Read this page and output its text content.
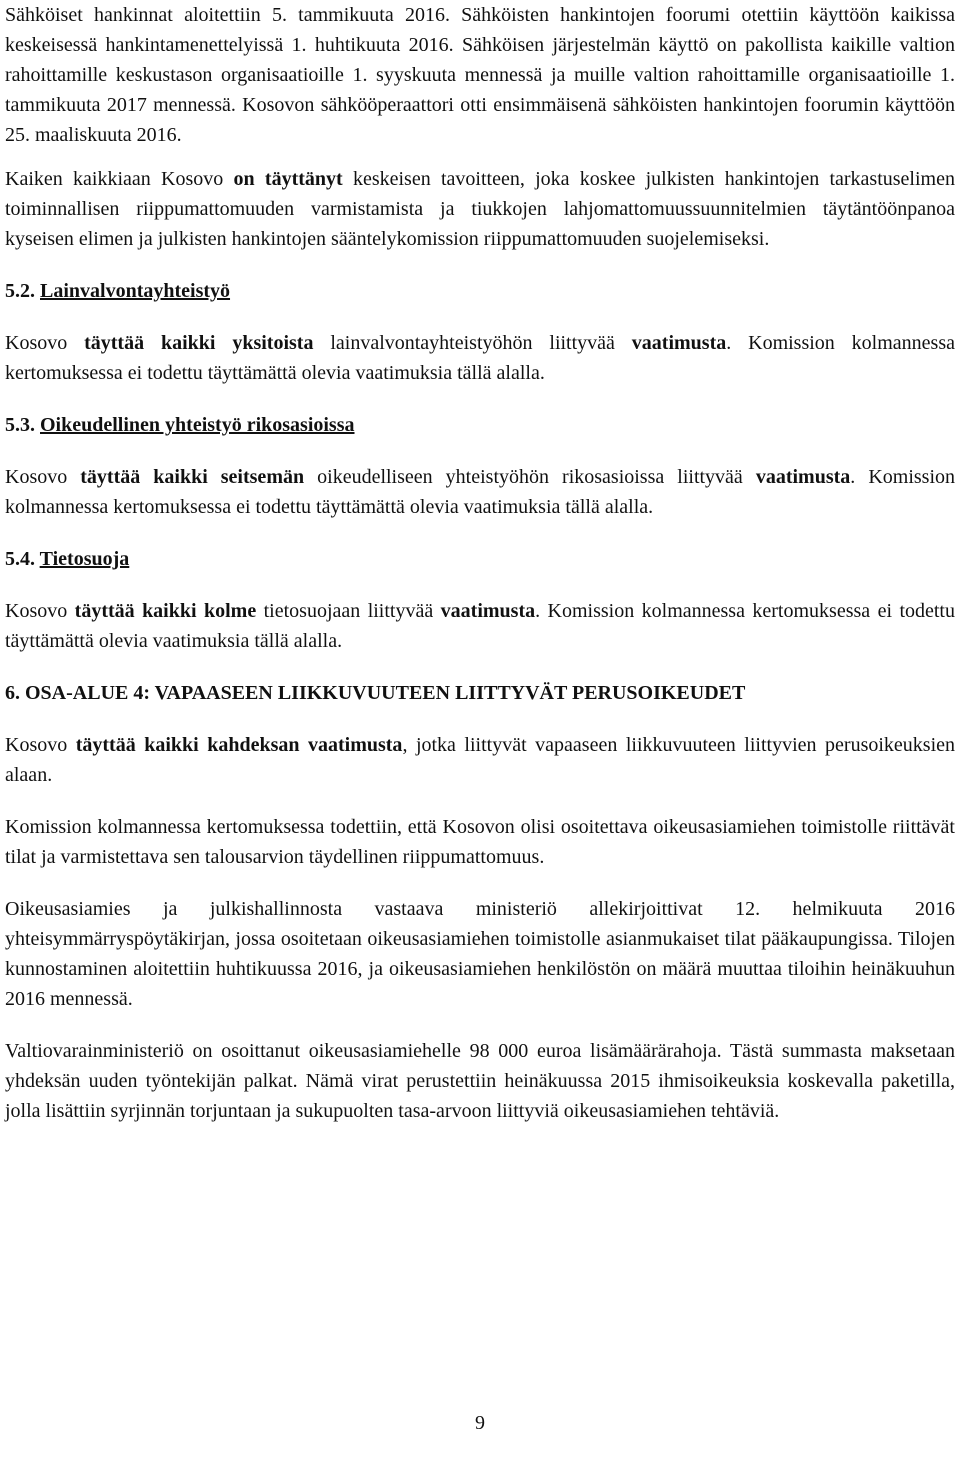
Sähköiset hankinnat aloitettiin 5. tammikuuta 2016. Sähköisten hankintojen foorumi otettiin käyttöön kaikissa keskeisessä hankintamenettelyissä 1. huhtikuuta 2016. Sähköisen järjestelmän käyttö on pakollista kaikille valtion rahoittamille keskustason organisaatioille 1. syyskuuta mennessä ja muille valtion rahoittamille organisaatioille 1. tammikuuta 2017 mennessä. Kosovon sähkööperaattori otti ensimmäisenä sähköisten hankintojen foorumin käyttöön 25. maaliskuuta 2016.

Kaiken kaikkiaan Kosovo on täyttänyt keskeisen tavoitteen, joka koskee julkisten hankintojen tarkastuselimen toiminnallisen riippumattomuuden varmistamista ja tiukkojen lahjomattomuussuunnitelmien täytäntöönpanoa kyseisen elimen ja julkisten hankintojen sääntelykomission riippumattomuuden suojelemiseksi.

5.2. Lainvalvontayhteistyö

Kosovo täyttää kaikki yksitoista lainvalvontayhteistyöhön liittyvää vaatimusta. Komission kolmannessa kertomuksessa ei todettu täyttämättä olevia vaatimuksia tällä alalla.

5.3. Oikeudellinen yhteistyö rikosasioissa

Kosovo täyttää kaikki seitsemän oikeudelliseen yhteistyöhön rikosasioissa liittyvää vaatimusta. Komission kolmannessa kertomuksessa ei todettu täyttämättä olevia vaatimuksia tällä alalla.

5.4. Tietosuoja

Kosovo täyttää kaikki kolme tietosuojaan liittyvää vaatimusta. Komission kolmannessa kertomuksessa ei todettu täyttämättä olevia vaatimuksia tällä alalla.

6. OSA-ALUE 4: VAPAASEEN LIIKKUVUUTEEN LIITTYVÄT PERUSOIKEUDET

Kosovo täyttää kaikki kahdeksan vaatimusta, jotka liittyvät vapaaseen liikkuvuuteen liittyvien perusoikeuksien alaan.

Komission kolmannessa kertomuksessa todettiin, että Kosovon olisi osoitettava oikeusasiamiehen toimistolle riittävät tilat ja varmistettava sen talousarvion täydellinen riippumattomuus.

Oikeusasiamies ja julkishallinnosta vastaava ministeriö allekirjoittivat 12. helmikuuta 2016 yhteisymmärryspöytäkirjan, jossa osoitetaan oikeusasiamiehen toimistolle asianmukaiset tilat pääkaupungissa. Tilojen kunnostaminen aloitettiin huhtikuussa 2016, ja oikeusasiamiehen henkilöstön on määrä muuttaa tiloihin heinäkuuhun 2016 mennessä.

Valtiovarainministeriö on osoittanut oikeusasiamiehelle 98 000 euroa lisämäärärahoja. Tästä summasta maksetaan yhdeksän uuden työntekijän palkat. Nämä virat perustettiin heinäkuussa 2015 ihmisoikeuksia koskevalla paketilla, jolla lisättiin syrjinnän torjuntaan ja sukupuolten tasa-arvoon liittyviä oikeusasiamiehen tehtäviä.

9
